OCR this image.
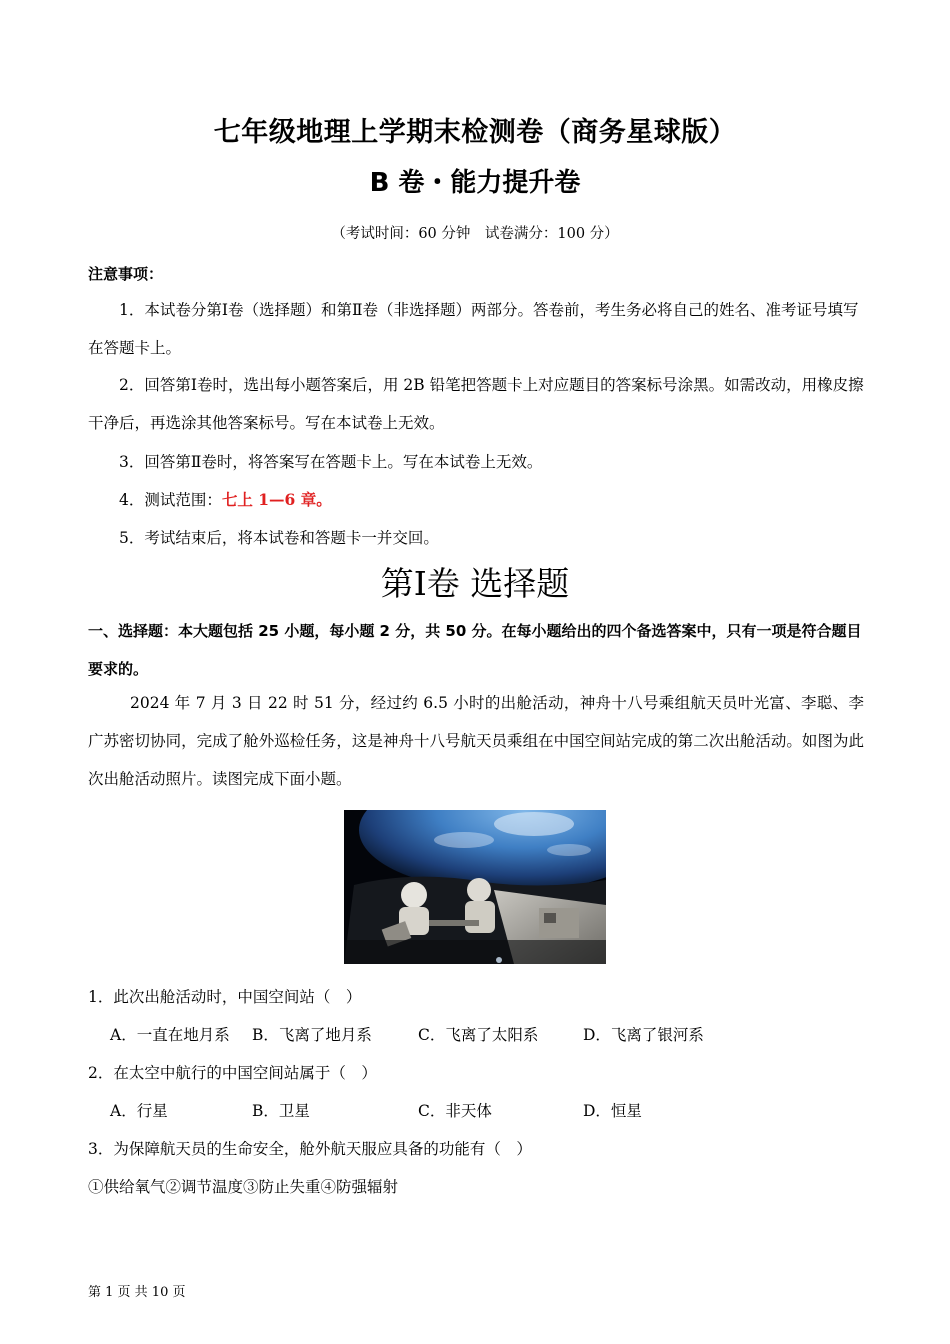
七年级地理上学期末检测卷（商务星球版）
B 卷・能力提升卷
（考试时间：60 分钟　试卷满分：100 分）
注意事项：
1．本试卷分第Ⅰ卷（选择题）和第Ⅱ卷（非选择题）两部分。答卷前，考生务必将自己的姓名、准考证号填写在答题卡上。
2．回答第Ⅰ卷时，选出每小题答案后，用 2B 铅笔把答题卡上对应题目的答案标号涂黑。如需改动，用橡皮擦干净后，再选涂其他答案标号。写在本试卷上无效。
3．回答第Ⅱ卷时，将答案写在答题卡上。写在本试卷上无效。
4．测试范围：七上 1—6 章。
5．考试结束后，将本试卷和答题卡一并交回。
第Ⅰ卷 选择题
一、选择题：本大题包括 25 小题，每小题 2 分，共 50 分。在每小题给出的四个备选答案中，只有一项是符合题目要求的。
2024 年 7 月 3 日 22 时 51 分，经过约 6.5 小时的出舱活动，神舟十八号乘组航天员叶光富、李聪、李广苏密切协同，完成了舱外巡检任务，这是神舟十八号航天员乘组在中国空间站完成的第二次出舱活动。如图为此次出舱活动照片。读图完成下面小题。
1．此次出舱活动时，中国空间站（　）
A．一直在地月系 B．飞离了地月系	C．飞离了太阳系	D．飞离了银河系
2．在太空中航行的中国空间站属于（　）
A．行星	B．卫星	C．非天体	D．恒星
3．为保障航天员的生命安全，舱外航天服应具备的功能有（　）
①供给氧气②调节温度③防止失重④防强辐射
第 1 页 共 10 页
